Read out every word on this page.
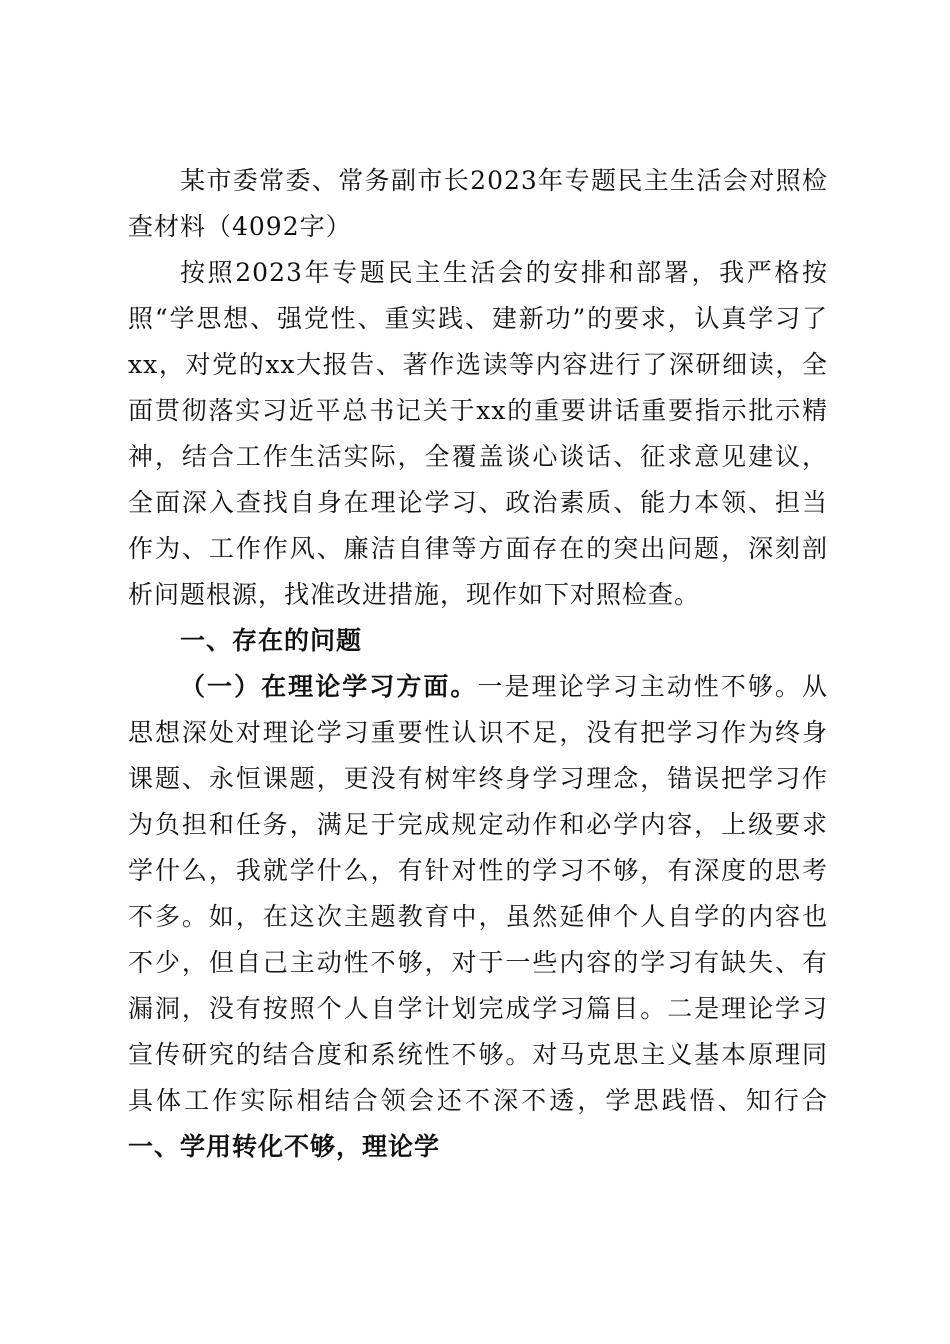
某市委常委、常务副市长2023年专题民主生活会对照检查材料（4092字）

按照2023年专题民主生活会的安排和部署，我严格按照“学思想、强党性、重实践、建新功”的要求，认真学习了xx，对党的xx大报告、著作选读等内容进行了深研细读，全面贯彻落实习近平总书记关于xx的重要讲话重要指示批示精神，结合工作生活实际，全覆盖谈心谈话、征求意见建议，全面深入查找自身在理论学习、政治素质、能力本领、担当作为、工作作风、廉洁自律等方面存在的突出问题，深刻剖析问题根源，找准改进措施，现作如下对照检查。

一、存在的问题

（一）在理论学习方面。一是理论学习主动性不够。从思想深处对理论学习重要性认识不足，没有把学习作为终身课题、永恒课题，更没有树牢终身学习理念，错误把学习作为负担和任务，满足于完成规定动作和必学内容，上级要求学什么，我就学什么，有针对性的学习不够，有深度的思考不多。如，在这次主题教育中，虽然延伸个人自学的内容也不少，但自己主动性不够，对于一些内容的学习有缺失、有漏洞，没有按照个人自学计划完成学习篇目。二是理论学习宣传研究的结合度和系统性不够。对马克思主义基本原理同具体工作实际相结合领会还不深不透，学思践悟、知行合一、学用转化不够，理论学
